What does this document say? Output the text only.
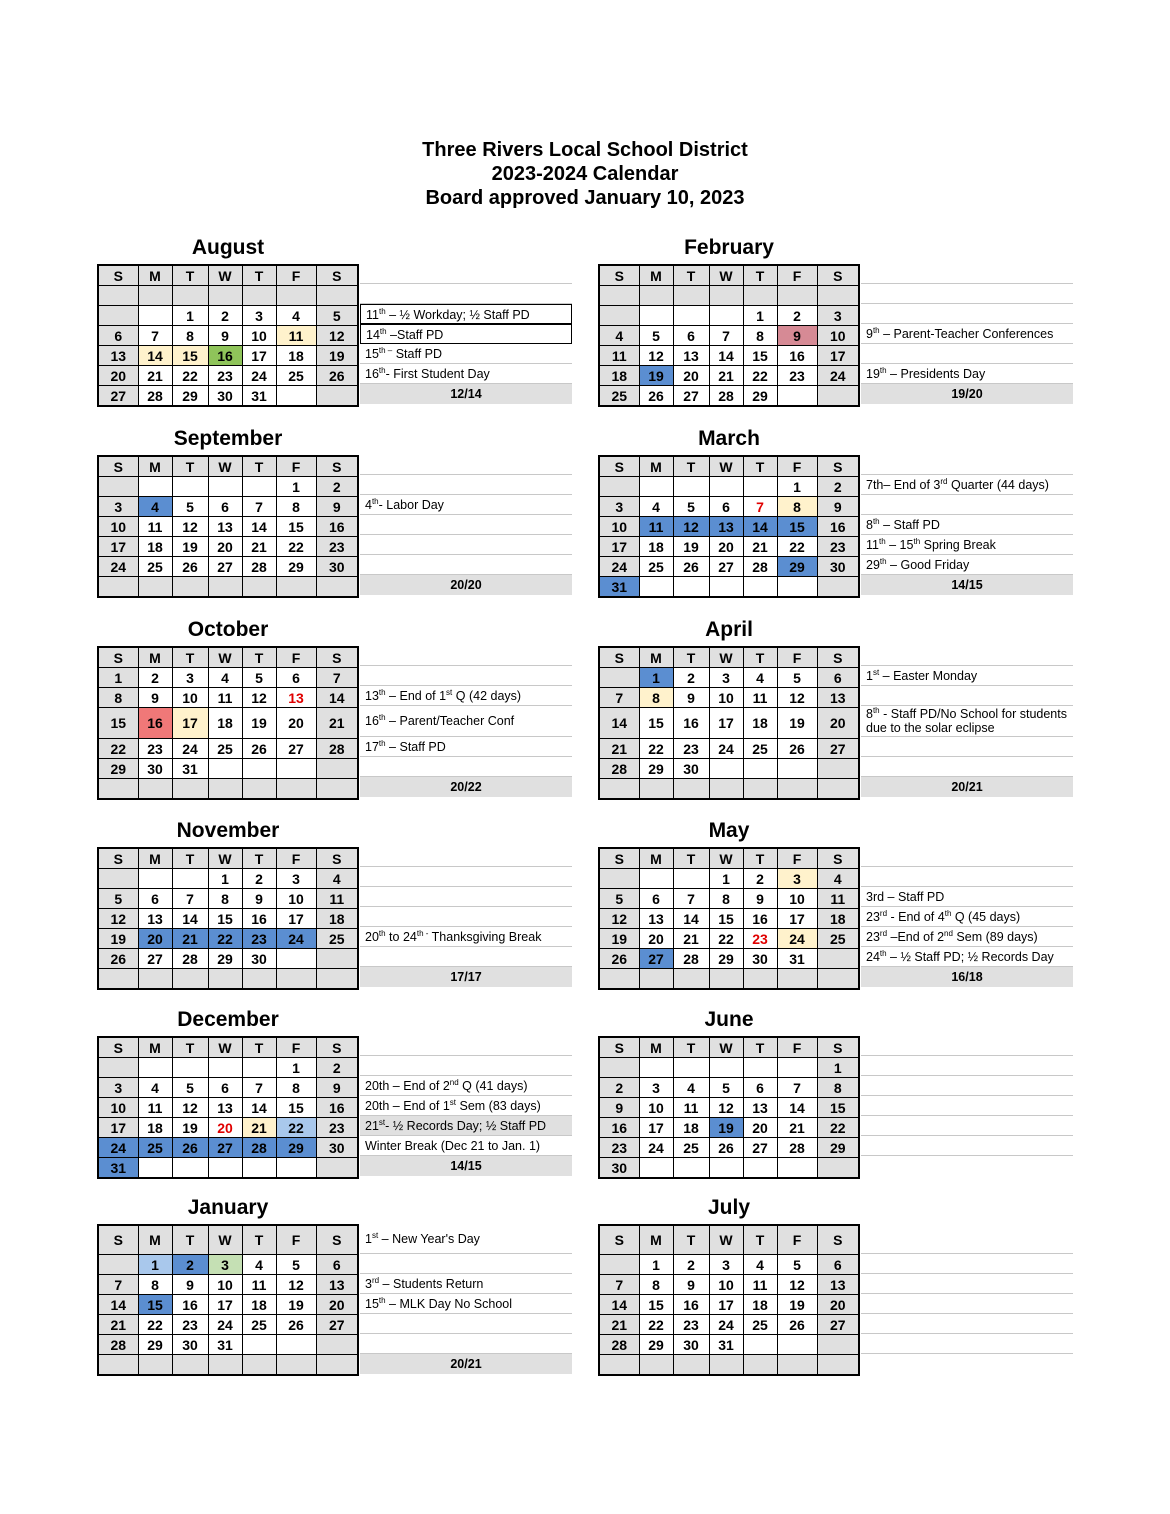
Three Rivers Local School District
2023-2024 Calendar
Board approved January 10, 2023
August
S	M	T	W	T	F	S

		1	2	3	4	5
6	7	8	9	10	11	12
13	14	15	16	17	18	19
20	21	22	23	24	25	26
27	28	29	30	31		
11th – ½ Workday; ½ Staff PD
14th –Staff PD
$15^{th -}$ Staff PD
16th- First Student Day
12/14
February
S	M	T	W	T	F	S

				1	2	3
4	5	6	7	8	9	10
11	12	13	14	15	16	17
18	19	20	21	22	23	24
25	26	27	28	29		
9th – Parent-Teacher Conferences
19th – Presidents Day
19/20
September
S	M	T	W	T	F	S
					1	2
3	4	5	6	7	8	9
10	11	12	13	14	15	16
17	18	19	20	21	22	23
24	25	26	27	28	29	30

4th- Labor Day
20/20
March
S	M	T	W	T	F	S
					1	2
3	4	5	6	7	8	9
10	11	12	13	14	15	16
17	18	19	20	21	22	23
24	25	26	27	28	29	30
31						
7th– End of 3rd Quarter (44 days)
8th – Staff PD
11th – 15th Spring Break
29th – Good Friday
14/15
October
S	M	T	W	T	F	S
1	2	3	4	5	6	7
8	9	10	11	12	13	14
15	16	17	18	19	20	21
22	23	24	25	26	27	28
29	30	31				

13th – End of 1st Q (42 days)
16th – Parent/Teacher Conf
17th – Staff PD
20/22
April
S	M	T	W	T	F	S
	1	2	3	4	5	6
7	8	9	10	11	12	13
14	15	16	17	18	19	20
21	22	23	24	25	26	27
28	29	30				

1st – Easter Monday
8th - Staff PD/No School for students due to the solar eclipse
20/21
November
S	M	T	W	T	F	S
			1	2	3	4
5	6	7	8	9	10	11
12	13	14	15	16	17	18
19	20	21	22	23	24	25
26	27	28	29	30		

20th to $24^{th -}$ Thanksgiving Break
17/17
May
S	M	T	W	T	F	S
			1	2	3	4
5	6	7	8	9	10	11
12	13	14	15	16	17	18
19	20	21	22	23	24	25
26	27	28	29	30	31	

3rd – Staff PD
23rd - End of 4th Q (45 days)
23rd –End of 2nd Sem (89 days)
24th – ½ Staff PD; ½ Records Day
16/18
December
S	M	T	W	T	F	S
					1	2
3	4	5	6	7	8	9
10	11	12	13	14	15	16
17	18	19	20	21	22	23
24	25	26	27	28	29	30
31						
20th – End of 2nd Q (41 days)
20th – End of 1st Sem (83 days)
21st- ½ Records Day; ½ Staff PD
Winter Break (Dec 21 to Jan. 1)
14/15
June
S	M	T	W	T	F	S
						1
2	3	4	5	6	7	8
9	10	11	12	13	14	15
16	17	18	19	20	21	22
23	24	25	26	27	28	29
30						
January
S	M	T	W	T	F	S
	1	2	3	4	5	6
7	8	9	10	11	12	13
14	15	16	17	18	19	20
21	22	23	24	25	26	27
28	29	30	31			

1st – New Year's Day
3rd – Students Return
15th – MLK Day No School
20/21
July
S	M	T	W	T	F	S
	1	2	3	4	5	6
7	8	9	10	11	12	13
14	15	16	17	18	19	20
21	22	23	24	25	26	27
28	29	30	31			
